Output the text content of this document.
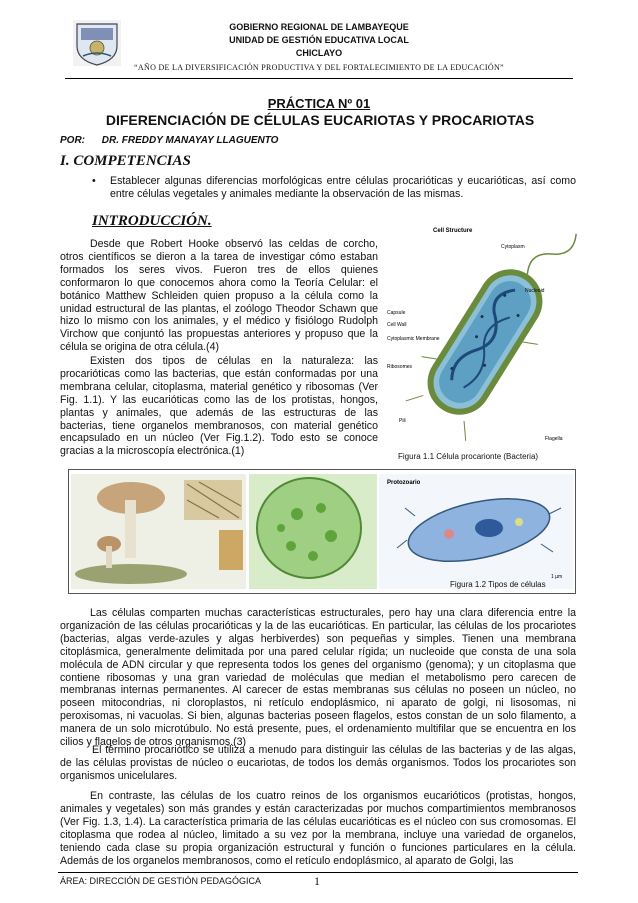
GOBIERNO REGIONAL DE LAMBAYEQUE
UNIDAD DE GESTIÓN EDUCATIVA LOCAL
CHICLAYO
“AÑO DE LA DIVERSIFICACIÓN PRODUCTIVA Y DEL FORTALECIMIENTO DE LA EDUCACIÓN”
PRÁCTICA Nº 01
DIFERENCIACIÓN DE CÉLULAS EUCARIOTAS Y PROCARIOTAS
POR: DR. FREDDY MANAYAY LLAGUENTO
I. COMPETENCIAS
• Establecer algunas diferencias morfológicas entre células procarióticas y eucarióticas, así como entre células vegetales y animales mediante la observación de las mismas.

INTRODUCCIÓN.

Desde que Robert Hooke observó las celdas de corcho, otros científicos se dieron a la tarea de investigar cómo estaban formados los seres vivos. Fueron tres de ellos quienes conformaron lo que conocemos ahora como la Teoría Celular: el botánico Matthew Schleiden quien propuso a la célula como la unidad estructural de las plantas, el zoólogo Theodor Schawn que hizo lo mismo con los animales, y el médico y fisiólogo Rudolph Virchow que conjuntó las propuestas anteriores y propuso que la célula se origina de otra célula.(4)

Existen dos tipos de células en la naturaleza: las procarióticas como las bacterias, que están conformadas por una membrana celular, citoplasma, material genético y ribosomas (Ver Fig. 1.1). Y las eucarióticas como las de los protistas, hongos, plantas y animales, que además de las estructuras de las bacterias, tiene organelos membranosos, con material genético encapsulado en un núcleo (Ver Fig.1.2). Todo esto se conoce gracias a la microscopía electrónica.(1)

Cell Structure
Cytoplasm
Nucleoid
Capsule
Cell Wall
Cytoplasmic Membrane
Ribosomes
Pili
Flagella
Figura 1.1 Célula procarionte (Bacteria)
Protozoario
1 µm
Figura 1.2 Tipos de células

Las células comparten muchas características estructurales, pero hay una clara diferencia entre la organización de las células procarióticas y la de las eucarióticas. En particular, las células de los procariotes (bacterias, algas verde-azules y algas herbiverdes) son pequeñas y simples. Tienen una membrana citoplásmica, generalmente delimitada por una pared celular rígida; un nucleoide que consta de una sola molécula de ADN circular y que representa todos los genes del organismo (genoma); y un citoplasma que contiene ribosomas y una gran variedad de moléculas que median el metabolismo pero carecen de membranas internas permanentes. Al carecer de estas membranas sus células no poseen un núcleo, no poseen mitocondrias, ni cloroplastos, ni retículo endoplásmico, ni aparato de golgi, ni lisosomas, ni peroxisomas, ni vacuolas. Si bien, algunas bacterias poseen flagelos, estos constan de un solo filamento, a manera de un solo microtúbulo. No está presente, pues, el ordenamiento multifilar que se encuentra en los cilios y flagelos de otros organismos.(3)

El término procariótico se utiliza a menudo para distinguir las células de las bacterias y de las algas, de las células provistas de núcleo o eucariotas, de todos los demás organismos. Todos los procariotes son organismos unicelulares.

En contraste, las células de los cuatro reinos de los organismos eucarióticos (protistas, hongos, animales y vegetales) son más grandes y están caracterizadas por muchos compartimientos membranosos (Ver Fig. 1.3, 1.4). La característica primaria de las células eucarióticas es el núcleo con sus cromosomas. El citoplasma que rodea al núcleo, limitado a su vez por la membrana, incluye una variedad de organelos, teniendo cada clase su propia organización estructural y función o funciones particulares en la célula. Además de los organelos membranosos, como el retículo endoplásmico, al aparato de Golgi, las

ÁREA: DIRECCIÓN DE GESTIÓN PEDAGÓGICA	1
